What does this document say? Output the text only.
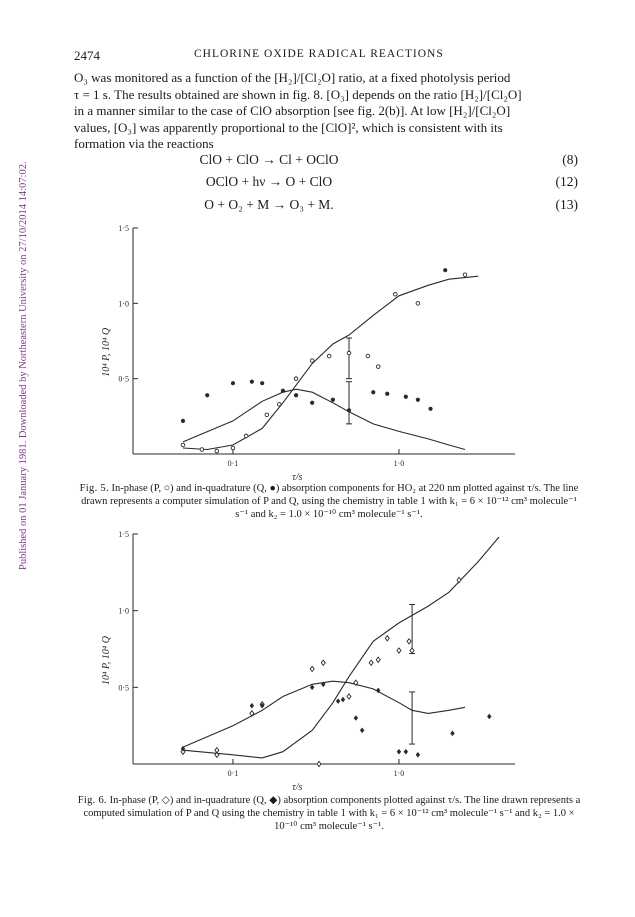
2474	CHLORINE OXIDE RADICAL REACTIONS
Published on 01 January 1981. Downloaded by Northeastern University on 27/10/2014 14:07:02.

O₃ was monitored as a function of the [H₂]/[Cl₂O] ratio, at a fixed photolysis period

τ = 1 s. The results obtained are shown in fig. 8. [O₃] depends on the ratio [H₂]/[Cl₂O]

in a manner similar to the case of ClO absorption [see fig. 2(b)]. At low [H₂]/[Cl₂O]

values, [O₃] was apparently proportional to the [ClO]², which is consistent with its

formation via the reactions

ClO + ClO → Cl + OClO	(8)
OClO + hν → O + ClO	(12)
O + O₂ + M → O₃ + M.	(13)
0·5
1·0
1·5
0·1	1·0
10⁴ P, 10⁴ Q
τ/s
Fig. 5. In-phase (P, ○) and in-quadrature (Q, ●) absorption components for HO₂ at 220 nm plotted against τ/s. The line drawn represents a computer simulation of P and Q, using the chemistry in table 1 with k₁ = 6 × 10⁻¹² cm³ molecule⁻¹ s⁻¹ and k₂ = 1.0 × 10⁻¹⁰ cm³ molecule⁻¹ s⁻¹.
0·5
1·0
1·5
0·1	1·0
10⁴ P, 10⁴ Q
τ/s
Fig. 6. In-phase (P, ◇) and in-quadrature (Q, ◆) absorption components plotted against τ/s. The line drawn represents a computed simulation of P and Q using the chemistry in table 1 with k₁ = 6 × 10⁻¹² cm³ molecule⁻¹ s⁻¹ and k₂ = 1.0 × 10⁻¹⁰ cm³ molecule⁻¹ s⁻¹.
